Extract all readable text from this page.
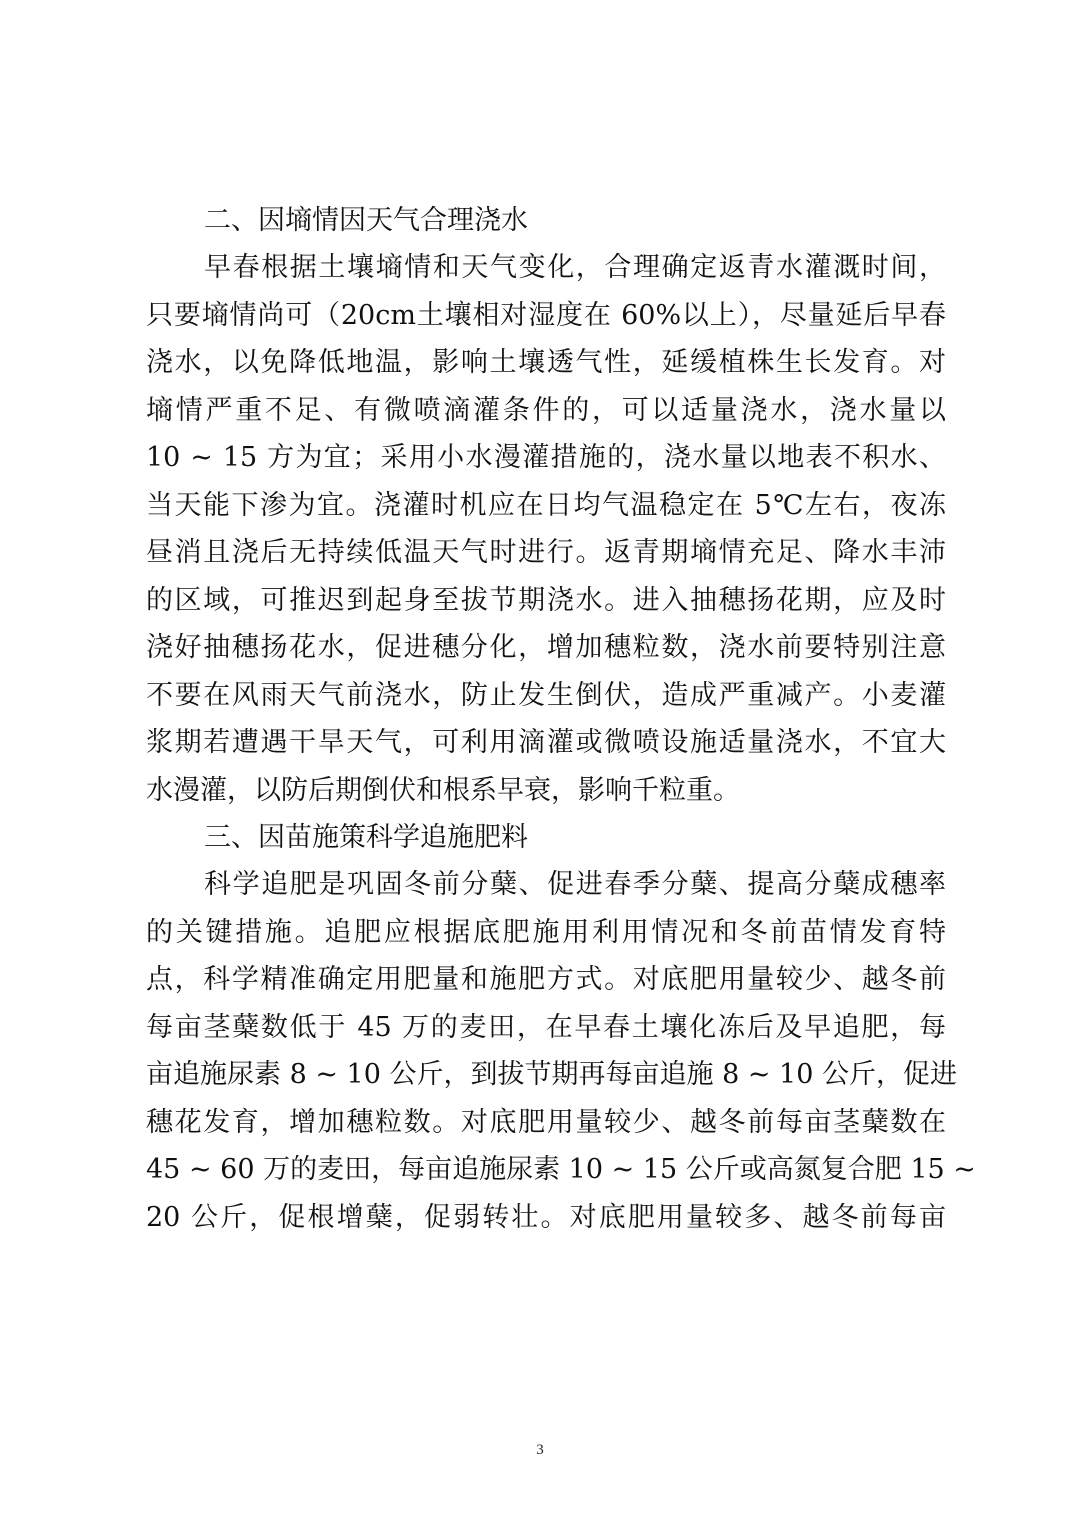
二、因墒情因天气合理浇水

早春根据土壤墒情和天气变化，合理确定返青水灌溉时间，
只要墒情尚可（20cm土壤相对湿度在 60%以上），尽量延后早春
浇水，以免降低地温，影响土壤透气性，延缓植株生长发育。对
墒情严重不足、有微喷滴灌条件的，可以适量浇水，浇水量以
10 ~ 15 方为宜；采用小水漫灌措施的，浇水量以地表不积水、
当天能下渗为宜。浇灌时机应在日均气温稳定在 5℃左右，夜冻
昼消且浇后无持续低温天气时进行。返青期墒情充足、降水丰沛
的区域，可推迟到起身至拔节期浇水。进入抽穗扬花期，应及时
浇好抽穗扬花水，促进穗分化，增加穗粒数，浇水前要特别注意
不要在风雨天气前浇水，防止发生倒伏，造成严重减产。小麦灌
浆期若遭遇干旱天气，可利用滴灌或微喷设施适量浇水，不宜大
水漫灌，以防后期倒伏和根系早衰，影响千粒重。

三、因苗施策科学追施肥料

科学追肥是巩固冬前分蘖、促进春季分蘖、提高分蘖成穗率
的关键措施。追肥应根据底肥施用利用情况和冬前苗情发育特
点，科学精准确定用肥量和施肥方式。对底肥用量较少、越冬前
每亩茎蘖数低于 45 万的麦田，在早春土壤化冻后及早追肥，每
亩追施尿素 8 ~ 10 公斤，到拔节期再每亩追施 8 ~ 10 公斤，促进
穗花发育，增加穗粒数。对底肥用量较少、越冬前每亩茎蘖数在
45 ~ 60 万的麦田，每亩追施尿素 10 ~ 15 公斤或高氮复合肥 15 ~
20 公斤，促根增蘖，促弱转壮。对底肥用量较多、越冬前每亩

3
